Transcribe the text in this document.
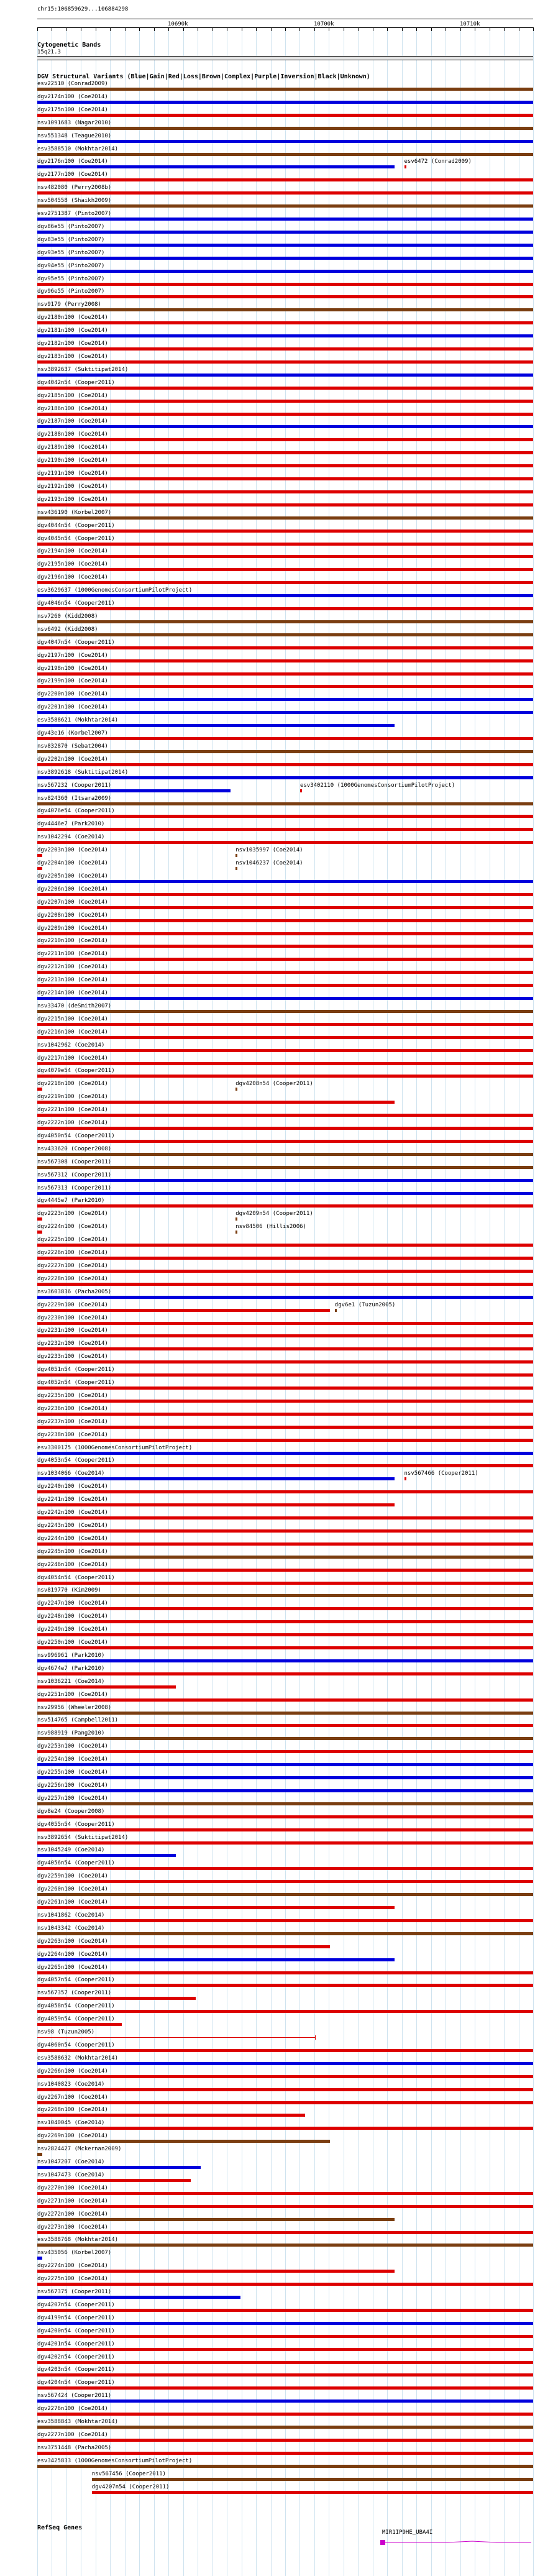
chr15:106859629...106884298
10690k	10700k	10710k
Cytogenetic Bands
15q21.3
DGV Structural Variants (Blue|Gain|Red|Loss|Brown|Complex|Purple|Inversion|Black|Unknown)
esv22510 (Conrad2009)
dgv2174n100 (Coe2014)
dgv2175n100 (Coe2014)
nsv1091683 (Nagar2010)
nsv551348 (Teague2010)
esv3588510 (Mokhtar2014)
dgv2176n100 (Coe2014)	esv6472 (Conrad2009)
dgv2177n100 (Coe2014)
nsv482080 (Perry2008b)
nsv504558 (Shaikh2009)
esv2751387 (Pinto2007)
dgv86e55 (Pinto2007)
dgv83e55 (Pinto2007)
dgv93e55 (Pinto2007)
dgv94e55 (Pinto2007)
dgv95e55 (Pinto2007)
dgv96e55 (Pinto2007)
nsv9179 (Perry2008)
dgv2180n100 (Coe2014)
dgv2181n100 (Coe2014)
dgv2182n100 (Coe2014)
dgv2183n100 (Coe2014)
nsv3892637 (Suktitipat2014)
dgv4042n54 (Cooper2011)
dgv2185n100 (Coe2014)
dgv2186n100 (Coe2014)
dgv2187n100 (Coe2014)
dgv2188n100 (Coe2014)
dgv2189n100 (Coe2014)
dgv2190n100 (Coe2014)
dgv2191n100 (Coe2014)
dgv2192n100 (Coe2014)
dgv2193n100 (Coe2014)
nsv436190 (Korbel2007)
dgv4044n54 (Cooper2011)
dgv4045n54 (Cooper2011)
dgv2194n100 (Coe2014)
dgv2195n100 (Coe2014)
dgv2196n100 (Coe2014)
esv3629637 (1000GenomesConsortiumPilotProject)
dgv4046n54 (Cooper2011)
nsv7260 (Kidd2008)
nsv6492 (Kidd2008)
dgv4047n54 (Cooper2011)
dgv2197n100 (Coe2014)
dgv2198n100 (Coe2014)
dgv2199n100 (Coe2014)
dgv2200n100 (Coe2014)
dgv2201n100 (Coe2014)
esv3588621 (Mokhtar2014)
dgv43e16 (Korbel2007)
nsv832870 (Sebat2004)
dgv2202n100 (Coe2014)
nsv3892618 (Suktitipat2014)
nsv567232 (Cooper2011)	esv3402110 (1000GenomesConsortiumPilotProject)
nsv824360 (Itsara2009)
dgv4076e54 (Cooper2011)
dgv4446e7 (Park2010)
nsv1042294 (Coe2014)
dgv2203n100 (Coe2014)	nsv1035997 (Coe2014)
dgv2204n100 (Coe2014)	nsv1046237 (Coe2014)
dgv2205n100 (Coe2014)
dgv2206n100 (Coe2014)
dgv2207n100 (Coe2014)
dgv2208n100 (Coe2014)
dgv2209n100 (Coe2014)
dgv2210n100 (Coe2014)
dgv2211n100 (Coe2014)
dgv2212n100 (Coe2014)
dgv2213n100 (Coe2014)
dgv2214n100 (Coe2014)
nsv33470 (deSmith2007)
dgv2215n100 (Coe2014)
dgv2216n100 (Coe2014)
nsv1042962 (Coe2014)
dgv2217n100 (Coe2014)
dgv4079e54 (Cooper2011)
dgv2218n100 (Coe2014)	dgv4208n54 (Cooper2011)
dgv2219n100 (Coe2014)
dgv2221n100 (Coe2014)
dgv2222n100 (Coe2014)
dgv4050n54 (Cooper2011)
nsv433620 (Cooper2008)
nsv567308 (Cooper2011)
nsv567312 (Cooper2011)
nsv567313 (Cooper2011)
dgv4445e7 (Park2010)
dgv2223n100 (Coe2014)	dgv4209n54 (Cooper2011)
dgv2224n100 (Coe2014)	nsv84506 (Hillis2006)
dgv2225n100 (Coe2014)
dgv2226n100 (Coe2014)
dgv2227n100 (Coe2014)
dgv2228n100 (Coe2014)
nsv3603836 (Pacha2005)
dgv2229n100 (Coe2014)	dgv6e1 (Tuzun2005)
dgv2230n100 (Coe2014)
dgv2231n100 (Coe2014)
dgv2232n100 (Coe2014)
dgv2233n100 (Coe2014)
dgv4051n54 (Cooper2011)
dgv4052n54 (Cooper2011)
dgv2235n100 (Coe2014)
dgv2236n100 (Coe2014)
dgv2237n100 (Coe2014)
dgv2238n100 (Coe2014)
esv3300175 (1000GenomesConsortiumPilotProject)
dgv4053n54 (Cooper2011)
nsv1034066 (Coe2014)	nsv567466 (Cooper2011)
dgv2240n100 (Coe2014)
dgv2241n100 (Coe2014)
dgv2242n100 (Coe2014)
dgv2243n100 (Coe2014)
dgv2244n100 (Coe2014)
dgv2245n100 (Coe2014)
dgv2246n100 (Coe2014)
dgv4054n54 (Cooper2011)
nsv819770 (Kim2009)
dgv2247n100 (Coe2014)
dgv2248n100 (Coe2014)
dgv2249n100 (Coe2014)
dgv2250n100 (Coe2014)
nsv996961 (Park2010)
dgv4674e7 (Park2010)
nsv1036221 (Coe2014)
dgv2251n100 (Coe2014)
nsv29956 (Wheeler2008)
nsv514765 (Campbell2011)
nsv988919 (Pang2010)
dgv2253n100 (Coe2014)
dgv2254n100 (Coe2014)
dgv2255n100 (Coe2014)
dgv2256n100 (Coe2014)
dgv2257n100 (Coe2014)
dgv8e24 (Cooper2008)
dgv4055n54 (Cooper2011)
nsv3892654 (Suktitipat2014)
nsv1045249 (Coe2014)
dgv4056n54 (Cooper2011)
dgv2259n100 (Coe2014)
dgv2260n100 (Coe2014)
dgv2261n100 (Coe2014)
nsv1041862 (Coe2014)
nsv1043342 (Coe2014)
dgv2263n100 (Coe2014)
dgv2264n100 (Coe2014)
dgv2265n100 (Coe2014)
dgv4057n54 (Cooper2011)
nsv567357 (Cooper2011)
dgv4058n54 (Cooper2011)
dgv4059n54 (Cooper2011)
nsv98 (Tuzun2005)
dgv4060n54 (Cooper2011)
esv3588632 (Mokhtar2014)
dgv2266n100 (Coe2014)
nsv1040823 (Coe2014)
dgv2267n100 (Coe2014)
dgv2268n100 (Coe2014)
nsv1040045 (Coe2014)
dgv2269n100 (Coe2014)
nsv2824427 (Mckernan2009)
nsv1047207 (Coe2014)
nsv1047473 (Coe2014)
dgv2270n100 (Coe2014)
dgv2271n100 (Coe2014)
dgv2272n100 (Coe2014)
dgv2273n100 (Coe2014)
esv3588768 (Mokhtar2014)
nsv435056 (Korbel2007)
dgv2274n100 (Coe2014)
dgv2275n100 (Coe2014)
nsv567375 (Cooper2011)
dgv4207n54 (Cooper2011)
dgv4199n54 (Cooper2011)
dgv4200n54 (Cooper2011)
dgv4201n54 (Cooper2011)
dgv4202n54 (Cooper2011)
dgv4203n54 (Cooper2011)
dgv4204n54 (Cooper2011)
nsv567424 (Cooper2011)
dgv2276n100 (Coe2014)
esv3588843 (Mokhtar2014)
dgv2277n100 (Coe2014)
nsv3751448 (Pacha2005)
esv3425833 (1000GenomesConsortiumPilotProject)
nsv567456 (Cooper2011)
dgv4207n54 (Cooper2011)
RefSeq Genes
MIR1IP9HE_UBA4I
